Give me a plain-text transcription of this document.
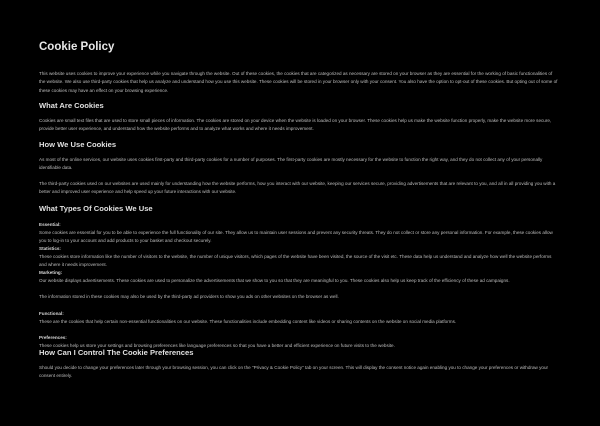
Cookie Policy

This website uses cookies to improve your experience while you navigate through the website. Out of these cookies, the cookies that are categorized as necessary are stored on your browser as they are essential for the working of basic functionalities of the website. We also use third-party cookies that help us analyze and understand how you use this website. These cookies will be stored in your browser only with your consent. You also have the option to opt-out of these cookies. But opting out of some of these cookies may have an effect on your browsing experience.

What Are Cookies

Cookies are small text files that are used to store small pieces of information. The cookies are stored on your device when the website is loaded on your browser. These cookies help us make the website function properly, make the website more secure, provide better user experience, and understand how the website performs and to analyze what works and where it needs improvement.

How We Use Cookies

As most of the online services, our website uses cookies first-party and third-party cookies for a number of purposes. The first-party cookies are mostly necessary for the website to function the right way, and they do not collect any of your personally identifiable data.

The third-party cookies used on our websites are used mainly for understanding how the website performs, how you interact with our website, keeping our services secure, providing advertisements that are relevant to you, and all in all providing you with a better and improved user experience and help speed up your future interactions with our website.

What Types Of Cookies We Use
Essential:

Some cookies are essential for you to be able to experience the full functionality of our site. They allow us to maintain user sessions and prevent any security threats. They do not collect or store any personal information. For example, these cookies allow you to log-in to your account and add products to your basket and checkout securely.

Statistics:

These cookies store information like the number of visitors to the website, the number of unique visitors, which pages of the website have been visited, the source of the visit etc. These data help us understand and analyze how well the website performs and where it needs improvement.

Marketing:

Our website displays advertisements. These cookies are used to personalize the advertisements that we show to you so that they are meaningful to you. These cookies also help us keep track of the efficiency of these ad campaigns.

The information stored in these cookies may also be used by the third-party ad providers to show you ads on other websites on the browser as well.

Functional:

These are the cookies that help certain non-essential functionalities on our website. These functionalities include embedding content like videos or sharing contents on the website on social media platforms.

Preferences:

These cookies help us store your settings and browsing preferences like language preferences so that you have a better and efficient experience on future visits to the website.

How Can I Control The Cookie Preferences

Should you decide to change your preferences later through your browsing session, you can click on the "Privacy & Cookie Policy" tab on your screen. This will display the consent notice again enabling you to change your preferences or withdraw your consent entirely.
